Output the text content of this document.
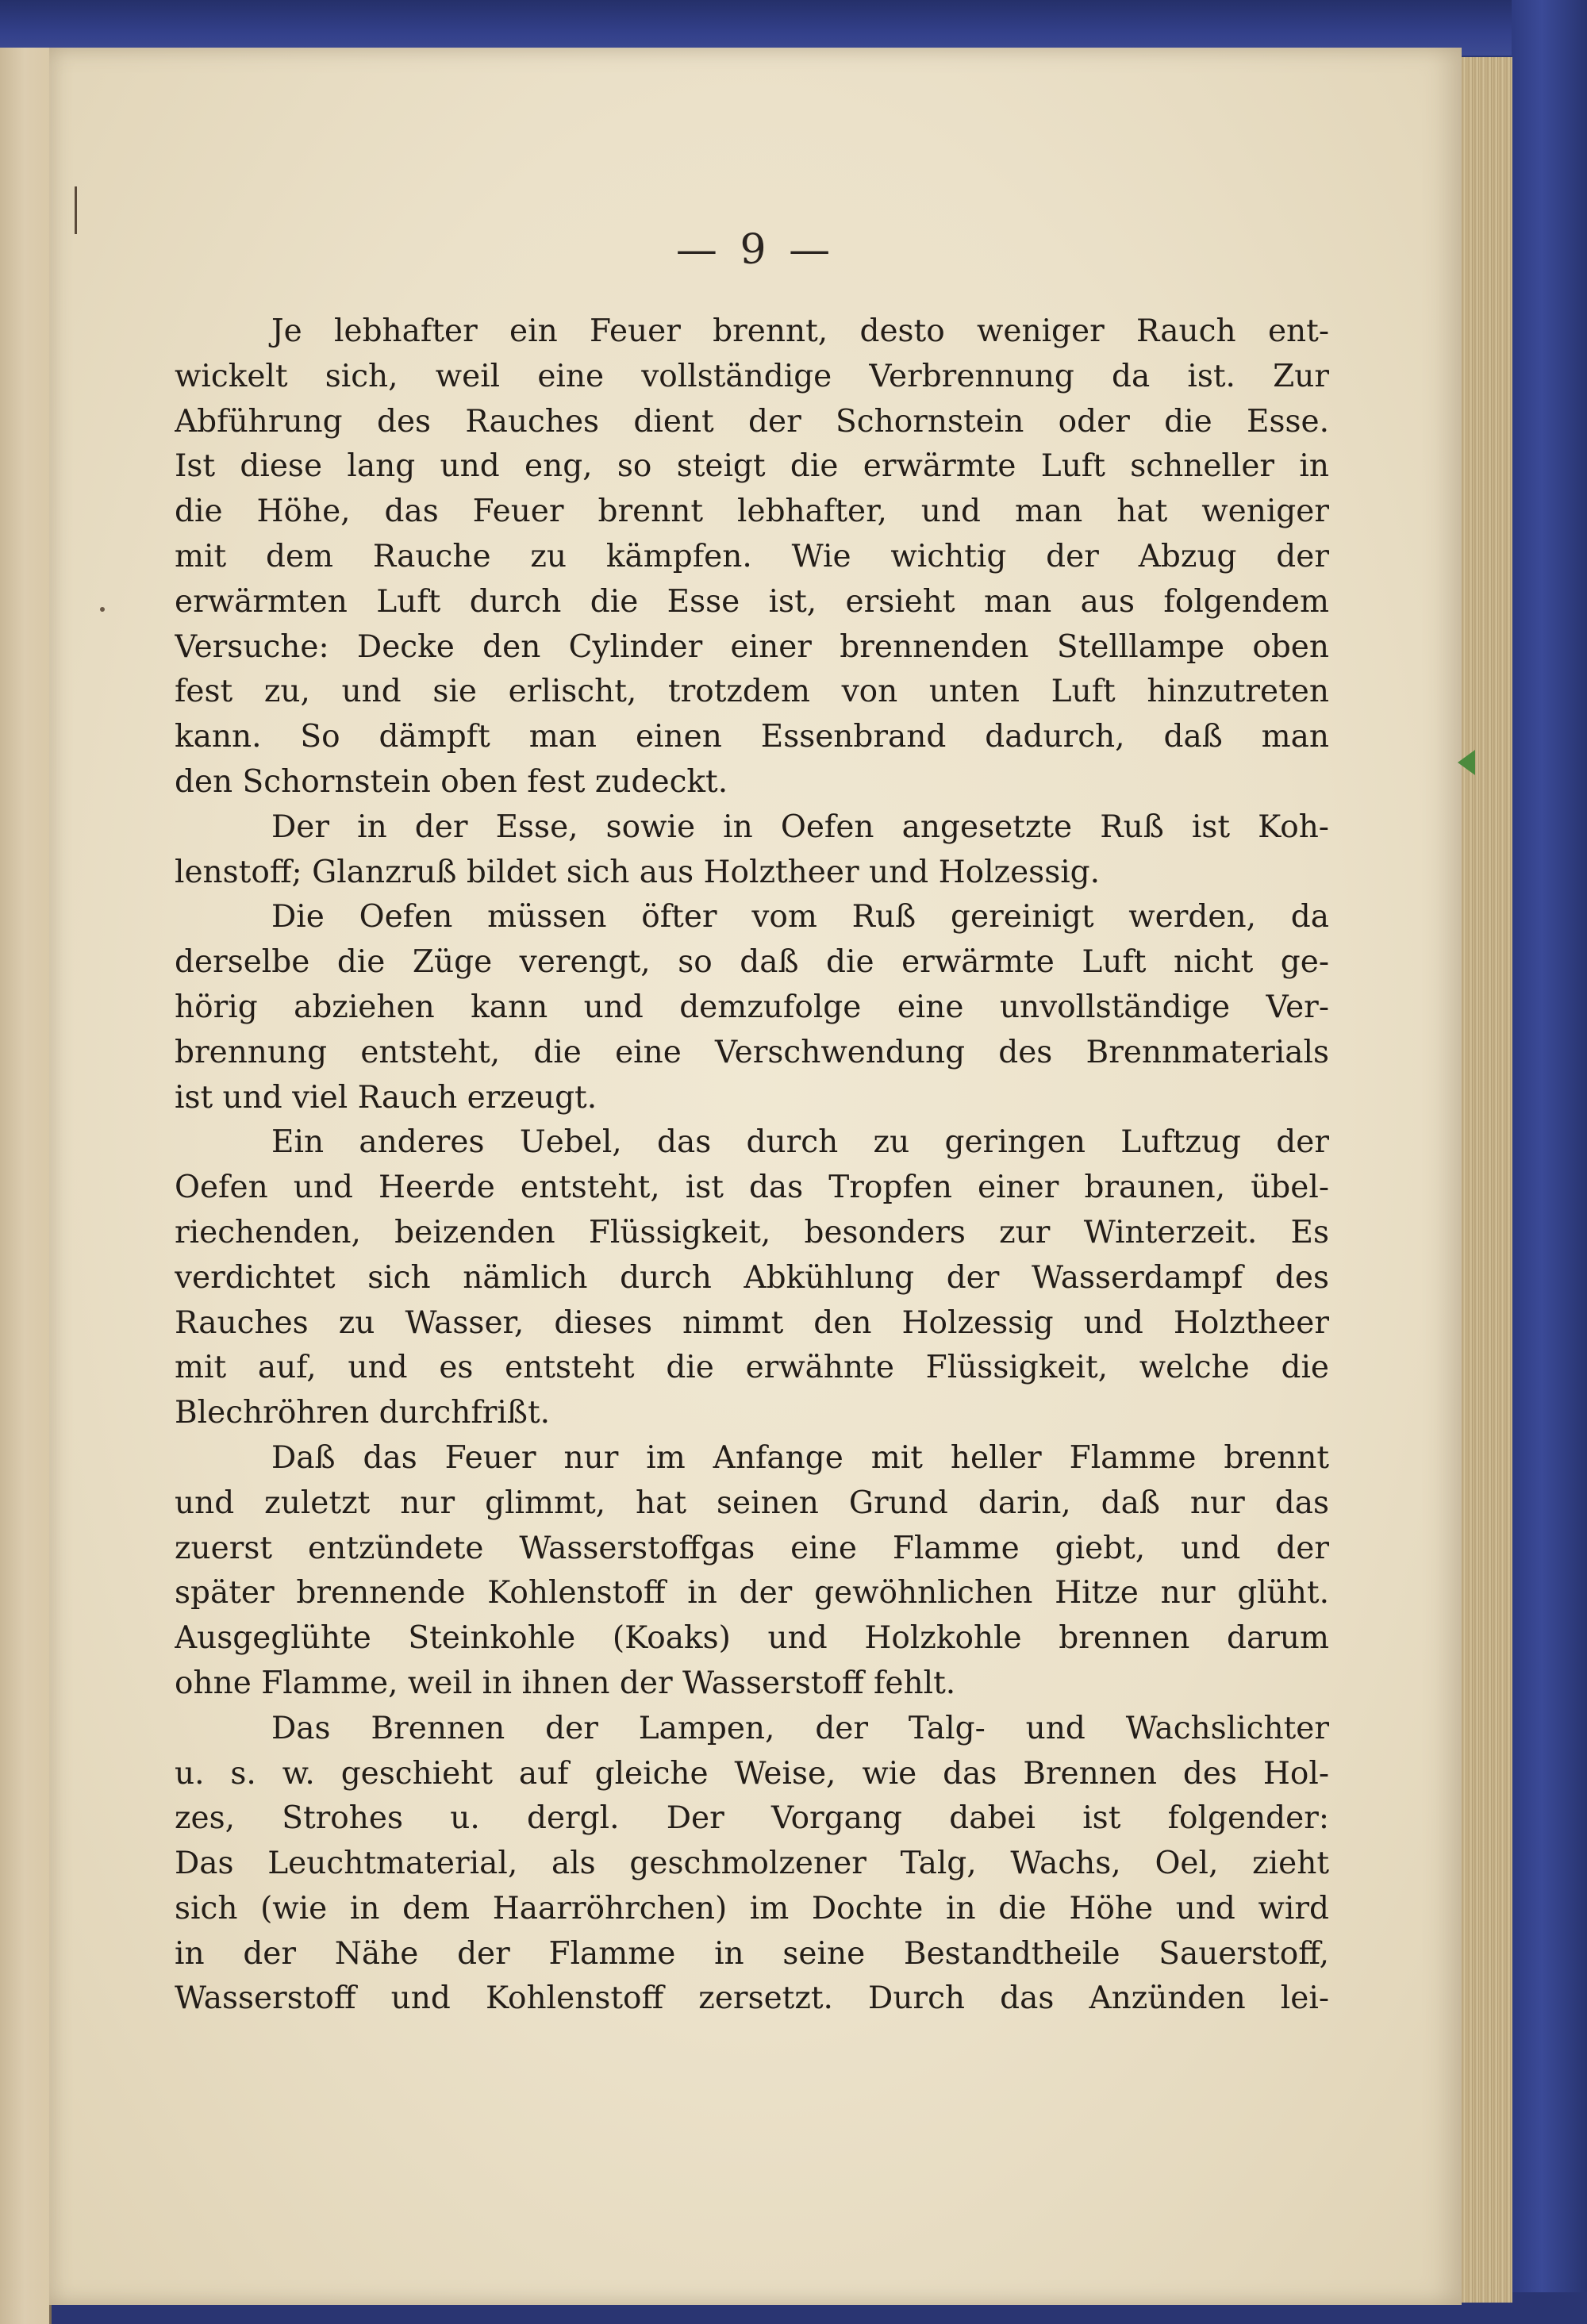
— 9 —
Je lebhafter ein Feuer brennt, desto weniger Rauch ent-
wickelt sich, weil eine vollständige Verbrennung da ist. Zur
Abführung des Rauches dient der Schornstein oder die Esse.
Ist diese lang und eng, so steigt die erwärmte Luft schneller in
die Höhe, das Feuer brennt lebhafter, und man hat weniger
mit dem Rauche zu kämpfen. Wie wichtig der Abzug der
erwärmten Luft durch die Esse ist, ersieht man aus folgendem
Versuche: Decke den Cylinder einer brennenden Stelllampe oben
fest zu, und sie erlischt, trotzdem von unten Luft hinzutreten
kann. So dämpft man einen Essenbrand dadurch, daß man
den Schornstein oben fest zudeckt.
Der in der Esse, sowie in Oefen angesetzte Ruß ist Koh-
lenstoff; Glanzruß bildet sich aus Holztheer und Holzessig.
Die Oefen müssen öfter vom Ruß gereinigt werden, da
derselbe die Züge verengt, so daß die erwärmte Luft nicht ge-
hörig abziehen kann und demzufolge eine unvollständige Ver-
brennung entsteht, die eine Verschwendung des Brennmaterials
ist und viel Rauch erzeugt.
Ein anderes Uebel, das durch zu geringen Luftzug der
Oefen und Heerde entsteht, ist das Tropfen einer braunen, übel-
riechenden, beizenden Flüssigkeit, besonders zur Winterzeit. Es
verdichtet sich nämlich durch Abkühlung der Wasserdampf des
Rauches zu Wasser, dieses nimmt den Holzessig und Holztheer
mit auf, und es entsteht die erwähnte Flüssigkeit, welche die
Blechröhren durchfrißt.
Daß das Feuer nur im Anfange mit heller Flamme brennt
und zuletzt nur glimmt, hat seinen Grund darin, daß nur das
zuerst entzündete Wasserstoffgas eine Flamme giebt, und der
später brennende Kohlenstoff in der gewöhnlichen Hitze nur glüht.
Ausgeglühte Steinkohle (Koaks) und Holzkohle brennen darum
ohne Flamme, weil in ihnen der Wasserstoff fehlt.
Das Brennen der Lampen, der Talg- und Wachslichter
u. s. w. geschieht auf gleiche Weise, wie das Brennen des Hol-
zes, Strohes u. dergl. Der Vorgang dabei ist folgender:
Das Leuchtmaterial, als geschmolzener Talg, Wachs, Oel, zieht
sich (wie in dem Haarröhrchen) im Dochte in die Höhe und wird
in der Nähe der Flamme in seine Bestandtheile Sauerstoff,
Wasserstoff und Kohlenstoff zersetzt. Durch das Anzünden lei-
